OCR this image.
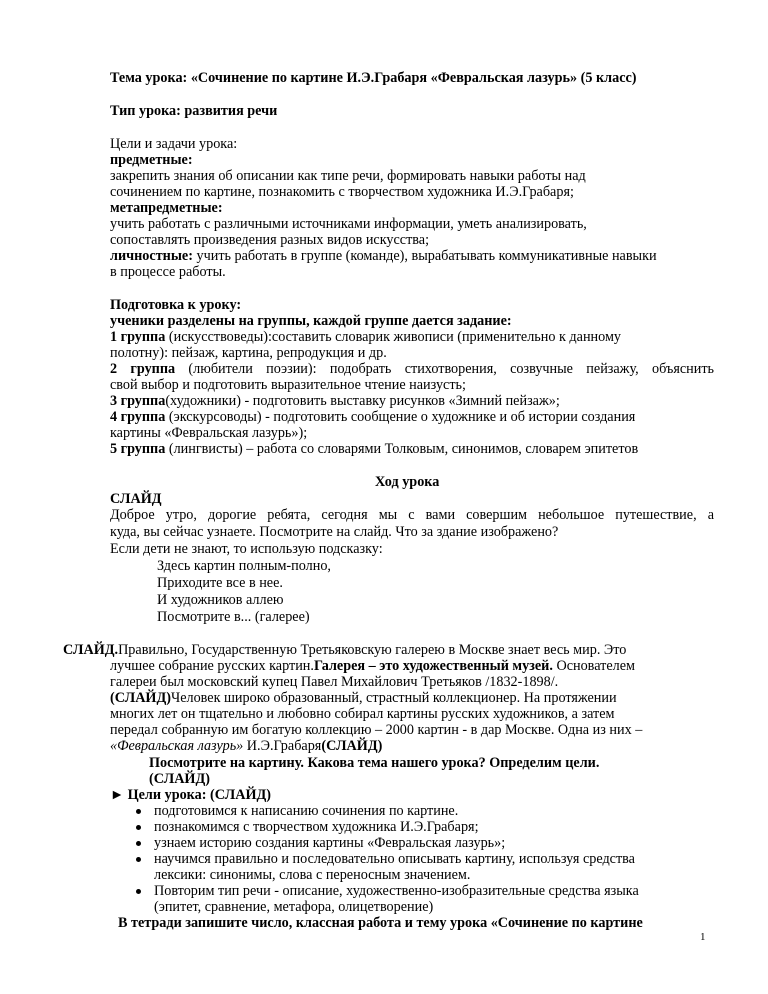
Тема урока: «Сочинение по картине И.Э.Грабаря «Февральская лазурь» (5 класс)
Тип урока: развития речи
Цели и задачи урока:
предметные:
закрепить знания об описании как типе речи, формировать навыки работы над
сочинением по картине, познакомить с творчеством художника И.Э.Грабаря;
метапредметные:
учить работать с различными источниками информации, уметь анализировать,
сопоставлять произведения разных видов искусства;
личностные: учить работать в группе (команде), вырабатывать коммуникативные навыки
в процессе работы.
Подготовка к уроку:
ученики разделены на группы, каждой группе дается задание:
1 группа (искусствоведы):составить словарик живописи (применительно к данному
полотну): пейзаж, картина, репродукция и др.
2 группа (любители поэзии): подобрать стихотворения, созвучные пейзажу, объяснить
свой выбор и подготовить выразительное чтение наизусть;
3 группа(художники) - подготовить выставку рисунков «Зимний пейзаж»;
4 группа (экскурсоводы) - подготовить сообщение о художнике и об истории создания
картины «Февральская лазурь»);
5 группа (лингвисты) – работа со словарями Толковым, синонимов, словарем эпитетов
Ход урока
СЛАЙД
Доброе утро, дорогие ребята, сегодня мы с вами совершим небольшое путешествие, а
куда, вы сейчас узнаете. Посмотрите на слайд. Что за здание изображено?
Если дети не знают, то использую подсказку:
Здесь картин полным-полно,
Приходите все в нее.
И художников аллею
Посмотрите в... (галерее)
СЛАЙД.Правильно, Государственную Третьяковскую галерею в Москве знает весь мир. Это
лучшее собрание русских картин.Галерея – это художественный музей. Основателем
галереи был московский купец Павел Михайлович Третьяков /1832-1898/.
(СЛАЙД)Человек широко образованный, страстный коллекционер. На протяжении
многих лет он тщательно и любовно собирал картины русских художников, а затем
передал собранную им богатую коллекцию – 2000 картин - в дар Москве. Одна из них –
«Февральская лазурь» И.Э.Грабаря(СЛАЙД)
Посмотрите на картину. Какова тема нашего урока? Определим цели.
(СЛАЙД)
► Цели урока: (СЛАЙД)
подготовимся к написанию сочинения по картине.
познакомимся с творчеством художника И.Э.Грабаря;
узнаем историю создания картины «Февральская лазурь»;
научимся правильно и последовательно описывать картину, используя средства
лексики: синонимы, слова с переносным значением.
Повторим тип речи - описание, художественно-изобразительные средства языка
(эпитет, сравнение, метафора, олицетворение)
В тетради запишите число, классная работа и тему урока «Сочинение по картине
1
